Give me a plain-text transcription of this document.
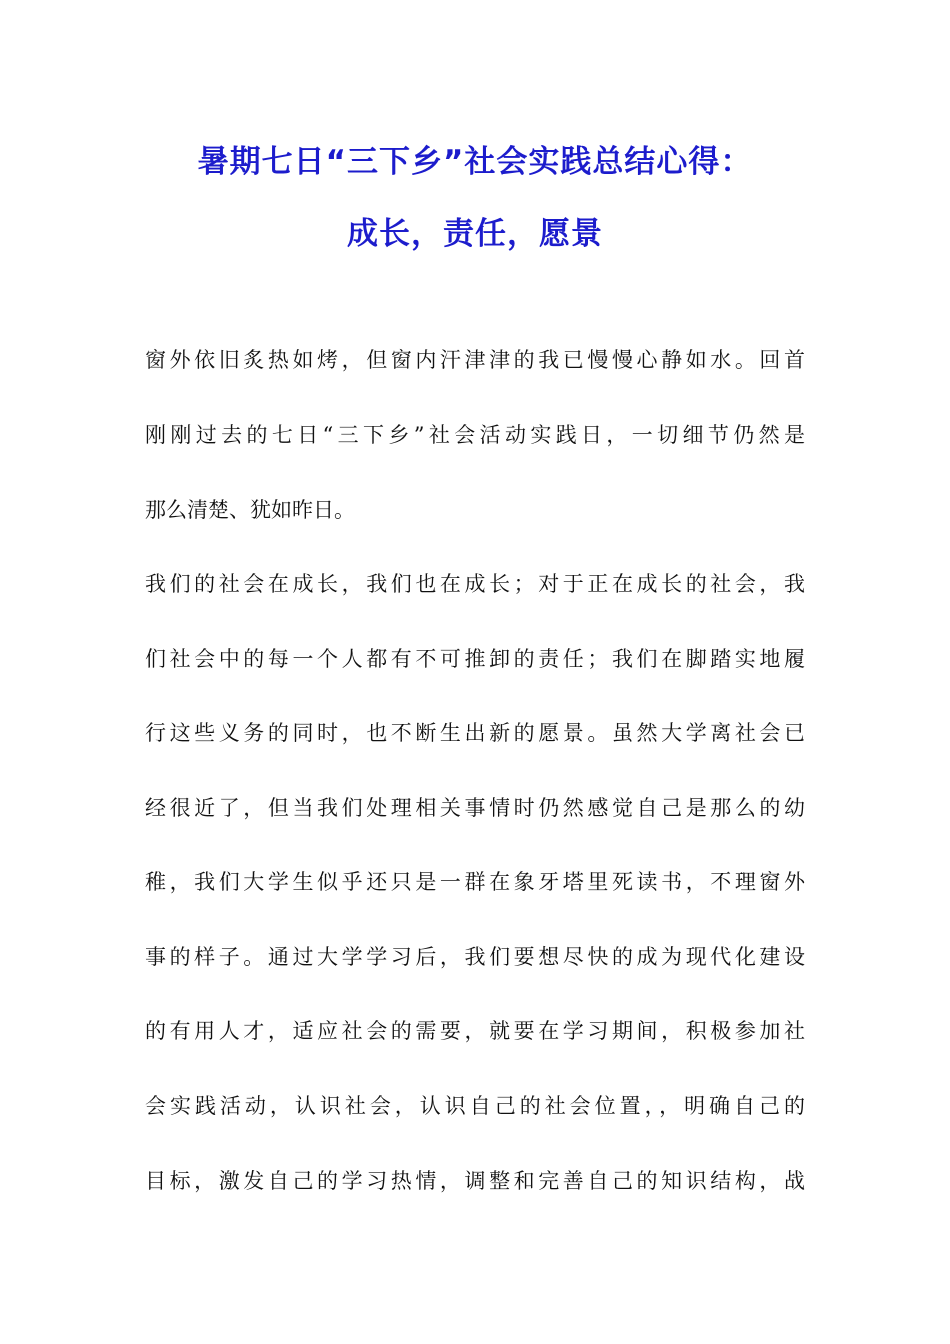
暑期七日“三下乡”社会实践总结心得：
成长，责任，愿景
窗外依旧炙热如烤，但窗内汗津津的我已慢慢心静如水。回首
刚刚过去的七日“三下乡”社会活动实践日，一切细节仍然是
那么清楚、犹如昨日。
我们的社会在成长，我们也在成长；对于正在成长的社会，我
们社会中的每一个人都有不可推卸的责任；我们在脚踏实地履
行这些义务的同时，也不断生出新的愿景。虽然大学离社会已
经很近了，但当我们处理相关事情时仍然感觉自己是那么的幼
稚，我们大学生似乎还只是一群在象牙塔里死读书，不理窗外
事的样子。通过大学学习后，我们要想尽快的成为现代化建设
的有用人才，适应社会的需要，就要在学习期间，积极参加社
会实践活动，认识社会，认识自己的社会位置，，明确自己的
目标，激发自己的学习热情，调整和完善自己的知识结构，战
